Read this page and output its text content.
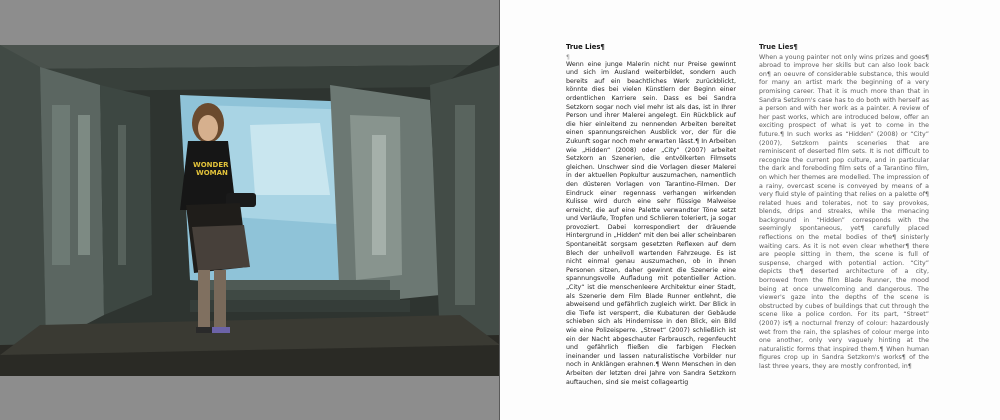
WONDER
WOMAN
True Lies¶
¶

Wenn eine junge Malerin nicht nur Preise gewinnt und sich im Ausland weiterbildet, sondern auch bereits auf ein beachtliches Werk zurückblickt, könnte dies bei vielen Künstlern der Beginn einer ordentlichen Karriere sein. Dass es bei Sandra Setzkorn sogar noch viel mehr ist als das, ist in Ihrer Person und ihrer Malerei angelegt. Ein Rückblick auf die hier einleitend zu nennenden Arbeiten bereitet einen spannungsreichen Ausblick vor, der für die Zukunft sogar noch mehr erwarten lässt.¶ In Arbeiten wie „Hidden“ (2008) oder „City“ (2007) arbeitet Setzkorn an Szenerien, die entvölkerten Filmsets gleichen. Unschwer sind die Vorlagen dieser Malerei in der aktuellen Popkultur auszumachen, namentlich den düsteren Vorlagen von Tarantino-Filmen. Der Eindruck einer regennass verhangen wirkenden Kulisse wird durch eine sehr flüssige Malweise erreicht, die auf eine Palette verwandter Töne setzt und Verläufe, Tropfen und Schlieren toleriert, ja sogar provoziert. Dabei korrespondiert der dräuende Hintergrund in „Hidden“ mit den bei aller scheinbaren Spontaneität sorgsam gesetzten Reflexen auf dem Blech der unheilvoll wartenden Fahrzeuge. Es ist nicht einmal genau auszumachen, ob in ihnen Personen sitzen, daher gewinnt die Szenerie eine spannungsvolle Aufladung mit potentieller Action. „City“ ist die menschenleere Architektur einer Stadt, als Szenerie dem Film Blade Runner entlehnt, die abweisend und gefährlich zugleich wirkt. Der Blick in die Tiefe ist versperrt, die Kubaturen der Gebäude schieben sich als Hindernisse in den Blick, ein Bild wie eine Polizeisperre. „Street“ (2007) schließlich ist ein der Nacht abgeschauter Farbrausch, regenfeucht und gefährlich fließen die farbigen Flecken ineinander und lassen naturalistische Vorbilder nur noch in Anklängen erahnen.¶ Wenn Menschen in den Arbeiten der letzten drei Jahre von Sandra Setzkorn auftauchen, sind sie meist collageartig

True Lies¶

When a young painter not only wins prizes and goes¶ abroad to improve her skills but can also look back on¶ an oeuvre of considerable substance, this would for many an artist mark the beginning of a very promising career. That it is much more than that in Sandra Setzkorn's case has to do both with herself as a person and with her work as a painter. A review of her past works, which are introduced below, offer an exciting prospect of what is yet to come in the future.¶ In such works as “Hidden” (2008) or “City” (2007), Setzkorn paints sceneries that are reminiscent of deserted film sets. It is not difficult to recognize the current pop culture, and in particular the dark and foreboding film sets of a Tarantino film, on which her themes are modelled. The impression of a rainy, overcast scene is conveyed by means of a very fluid style of painting that relies on a palette of¶ related hues and tolerates, not to say provokes, blends, drips and streaks, while the menacing background in “Hidden” corresponds with the seemingly spontaneous, yet¶ carefully placed reflections on the metal bodies of the¶ sinisterly waiting cars. As it is not even clear whether¶ there are people sitting in them, the scene is full of suspense, charged with potential action. “City” depicts the¶ deserted architecture of a city, borrowed from the film Blade Runner, the mood being at once unwelcoming and dangerous. The viewer's gaze into the depths of the scene is obstructed by cubes of buildings that cut through the scene like a police cordon. For its part, “Street” (2007) is¶ a nocturnal frenzy of colour: hazardously wet from the rain, the splashes of colour merge into one another, only very vaguely hinting at the naturalistic forms that inspired them.¶ When human figures crop up in Sandra Setzkorn's works¶ of the last three years, they are mostly confronted, in¶
